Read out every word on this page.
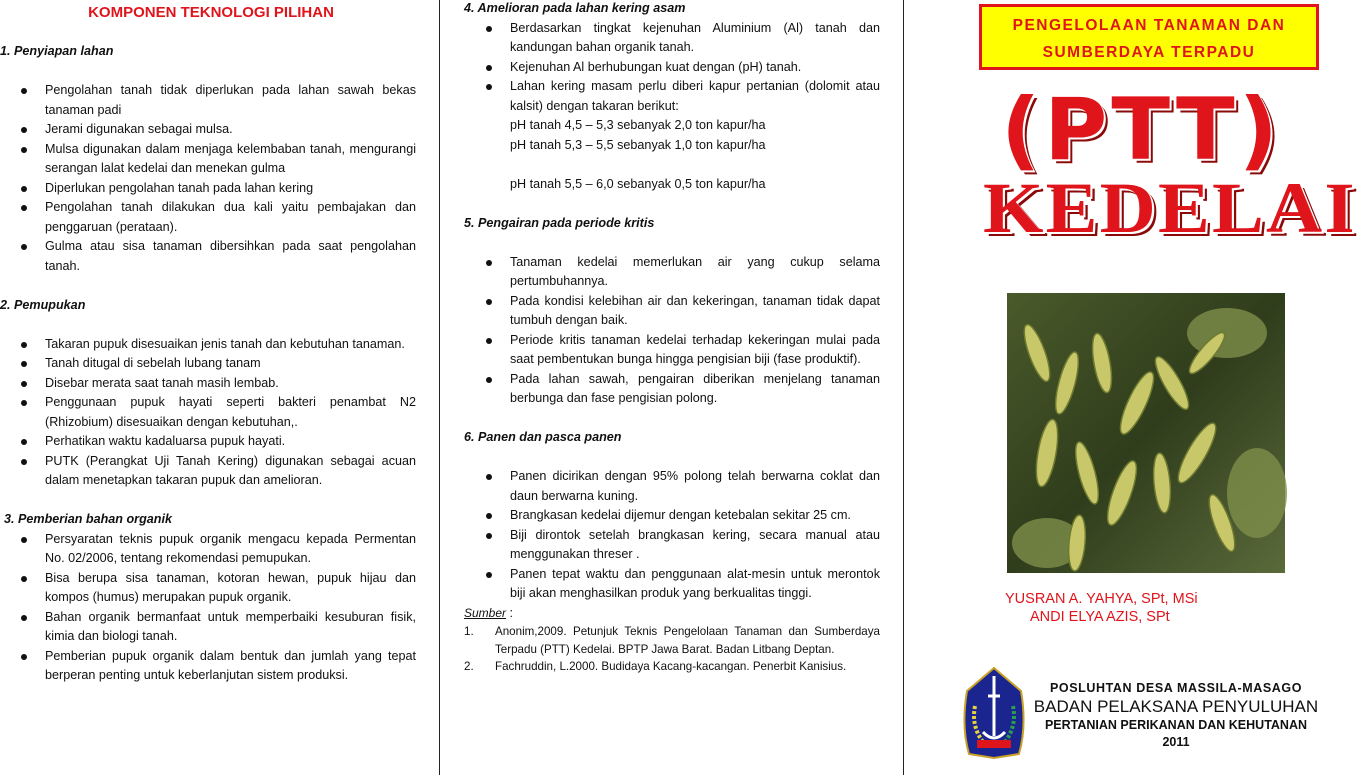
KOMPONEN TEKNOLOGI PILIHAN
1. Penyiapan lahan
Pengolahan tanah tidak diperlukan pada lahan sawah bekas tanaman padi
Jerami digunakan sebagai mulsa.
Mulsa digunakan dalam menjaga kelembaban tanah, mengurangi serangan lalat kedelai dan menekan gulma
Diperlukan pengolahan tanah pada lahan kering
Pengolahan tanah dilakukan dua kali yaitu pembajakan dan penggaruan (perataan).
Gulma atau sisa tanaman dibersihkan pada saat pengolahan tanah.
2. Pemupukan
Takaran pupuk disesuaikan jenis tanah dan kebutuhan tanaman.
Tanah ditugal di sebelah lubang tanam
Disebar merata saat tanah masih lembab.
Penggunaan pupuk hayati seperti bakteri penambat N2 (Rhizobium) disesuaikan dengan kebutuhan,.
Perhatikan waktu kadaluarsa pupuk hayati.
PUTK (Perangkat Uji Tanah Kering) digunakan sebagai acuan dalam menetapkan takaran pupuk dan amelioran.
3. Pemberian bahan organik
Persyaratan teknis pupuk organik mengacu kepada Permentan No. 02/2006, tentang rekomendasi pemupukan.
Bisa berupa sisa tanaman, kotoran hewan, pupuk hijau dan kompos (humus) merupakan pupuk organik.
Bahan organik bermanfaat untuk memperbaiki kesuburan fisik, kimia dan biologi tanah.
Pemberian pupuk organik dalam bentuk dan jumlah yang tepat berperan penting untuk keberlanjutan sistem produksi.
4. Amelioran pada lahan kering asam
Berdasarkan tingkat kejenuhan Aluminium (Al) tanah dan kandungan bahan organik tanah.
Kejenuhan Al berhubungan kuat dengan (pH) tanah.
Lahan kering masam perlu diberi kapur pertanian (dolomit atau kalsit) dengan takaran berikut:
pH tanah 4,5 – 5,3 sebanyak 2,0 ton kapur/ha
pH tanah 5,3 – 5,5 sebanyak 1,0 ton kapur/ha
pH tanah 5,5 – 6,0 sebanyak 0,5 ton kapur/ha
5. Pengairan pada periode kritis
Tanaman kedelai memerlukan air yang cukup selama pertumbuhannya.
Pada kondisi kelebihan air dan kekeringan, tanaman tidak dapat tumbuh dengan baik.
Periode kritis tanaman kedelai terhadap kekeringan mulai pada saat pembentukan bunga hingga pengisian biji (fase produktif).
Pada lahan sawah, pengairan diberikan menjelang tanaman berbunga dan fase pengisian polong.
6. Panen dan pasca panen
Panen dicirikan dengan 95% polong telah berwarna coklat dan daun berwarna kuning.
Brangkasan kedelai dijemur dengan ketebalan sekitar 25 cm.
Biji dirontok setelah brangkasan kering, secara manual atau menggunakan threser .
Panen tepat waktu dan penggunaan alat-mesin untuk merontok biji akan menghasilkan produk yang berkualitas tinggi.
Sumber :
1. Anonim,2009. Petunjuk Teknis Pengelolaan Tanaman dan Sumberdaya Terpadu (PTT) Kedelai. BPTP Jawa Barat. Badan Litbang Deptan.
2. Fachruddin, L.2000. Budidaya Kacang-kacangan. Penerbit Kanisius.
PENGELOLAAN TANAMAN DAN
SUMBERDAYA TERPADU
(PTT)
KEDELAI
YUSRAN A. YAHYA, SPt, MSi
ANDI ELYA AZIS, SPt
POSLUHTAN DESA MASSILA-MASAGO
BADAN PELAKSANA PENYULUHAN
PERTANIAN PERIKANAN DAN KEHUTANAN
2011
